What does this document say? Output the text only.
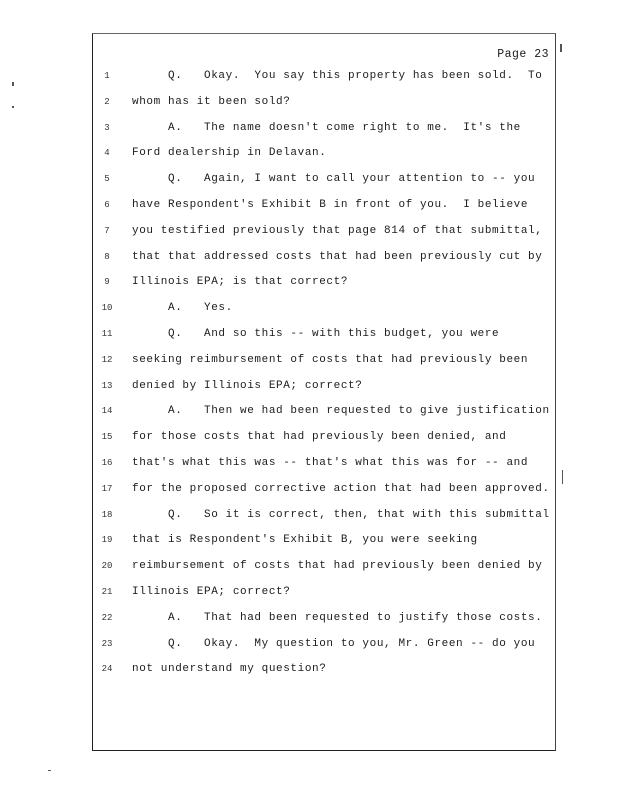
Page 23
1	Q.   Okay.  You say this property has been sold.  To
2	whom has it been sold?
3	A.   The name doesn't come right to me.  It's the
4	Ford dealership in Delavan.
5	Q.   Again, I want to call your attention to -- you
6	have Respondent's Exhibit B in front of you.  I believe
7	you testified previously that page 814 of that submittal,
8	that that addressed costs that had been previously cut by
9	Illinois EPA; is that correct?
10	A.   Yes.
11	Q.   And so this -- with this budget, you were
12	seeking reimbursement of costs that had previously been
13	denied by Illinois EPA; correct?
14	A.   Then we had been requested to give justification
15	for those costs that had previously been denied, and
16	that's what this was -- that's what this was for -- and
17	for the proposed corrective action that had been approved.
18	Q.   So it is correct, then, that with this submittal
19	that is Respondent's Exhibit B, you were seeking
20	reimbursement of costs that had previously been denied by
21	Illinois EPA; correct?
22	A.   That had been requested to justify those costs.
23	Q.   Okay.  My question to you, Mr. Green -- do you
24	not understand my question?
